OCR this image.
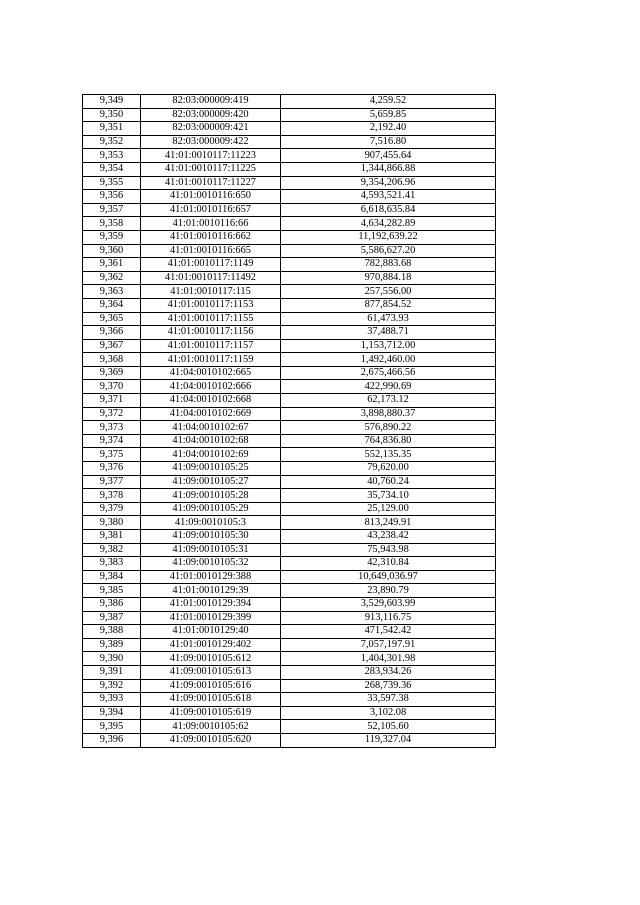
9,349	82:03:000009:419	4,259.52
9,350	82:03:000009:420	5,659.85
9,351	82:03:000009:421	2,192.40
9,352	82:03:000009:422	7,516.80
9,353	41:01:0010117:11223	907,455.64
9,354	41:01:0010117:11225	1,344,866.88
9,355	41:01:0010117:11227	9,354,206.96
9,356	41:01:0010116:650	4,593,521.41
9,357	41:01:0010116:657	6,618,635.84
9,358	41:01:0010116:66	4,634,282.89
9,359	41:01:0010116:662	11,192,639.22
9,360	41:01:0010116:665	5,586,627.20
9,361	41:01:0010117:1149	782,883.68
9,362	41:01:0010117:11492	970,884.18
9,363	41:01:0010117:115	257,556.00
9,364	41:01:0010117:1153	877,854.52
9,365	41:01:0010117:1155	61,473.93
9,366	41:01:0010117:1156	37,488.71
9,367	41:01:0010117:1157	1,153,712.00
9,368	41:01:0010117:1159	1,492,460.00
9,369	41:04:0010102:665	2,675,466.56
9,370	41:04:0010102:666	422,990.69
9,371	41:04:0010102:668	62,173.12
9,372	41:04:0010102:669	3,898,880.37
9,373	41:04:0010102:67	576,890.22
9,374	41:04:0010102:68	764,836.80
9,375	41:04:0010102:69	552,135.35
9,376	41:09:0010105:25	79,620.00
9,377	41:09:0010105:27	40,760.24
9,378	41:09:0010105:28	35,734.10
9,379	41:09:0010105:29	25,129.00
9,380	41:09:0010105:3	813,249.91
9,381	41:09:0010105:30	43,238.42
9,382	41:09:0010105:31	75,943.98
9,383	41:09:0010105:32	42,310.84
9,384	41:01:0010129:388	10,649,036.97
9,385	41:01:0010129:39	23,890.79
9,386	41:01:0010129:394	3,529,603.99
9,387	41:01:0010129:399	913,116.75
9,388	41:01:0010129:40	471,542.42
9,389	41:01:0010129:402	7,057,197.91
9,390	41:09:0010105:612	1,404,301.98
9,391	41:09:0010105:613	283,934.26
9,392	41:09:0010105:616	268,739.36
9,393	41:09:0010105:618	33,597.38
9,394	41:09:0010105:619	3,102.08
9,395	41:09:0010105:62	52,105.60
9,396	41:09:0010105:620	119,327.04
